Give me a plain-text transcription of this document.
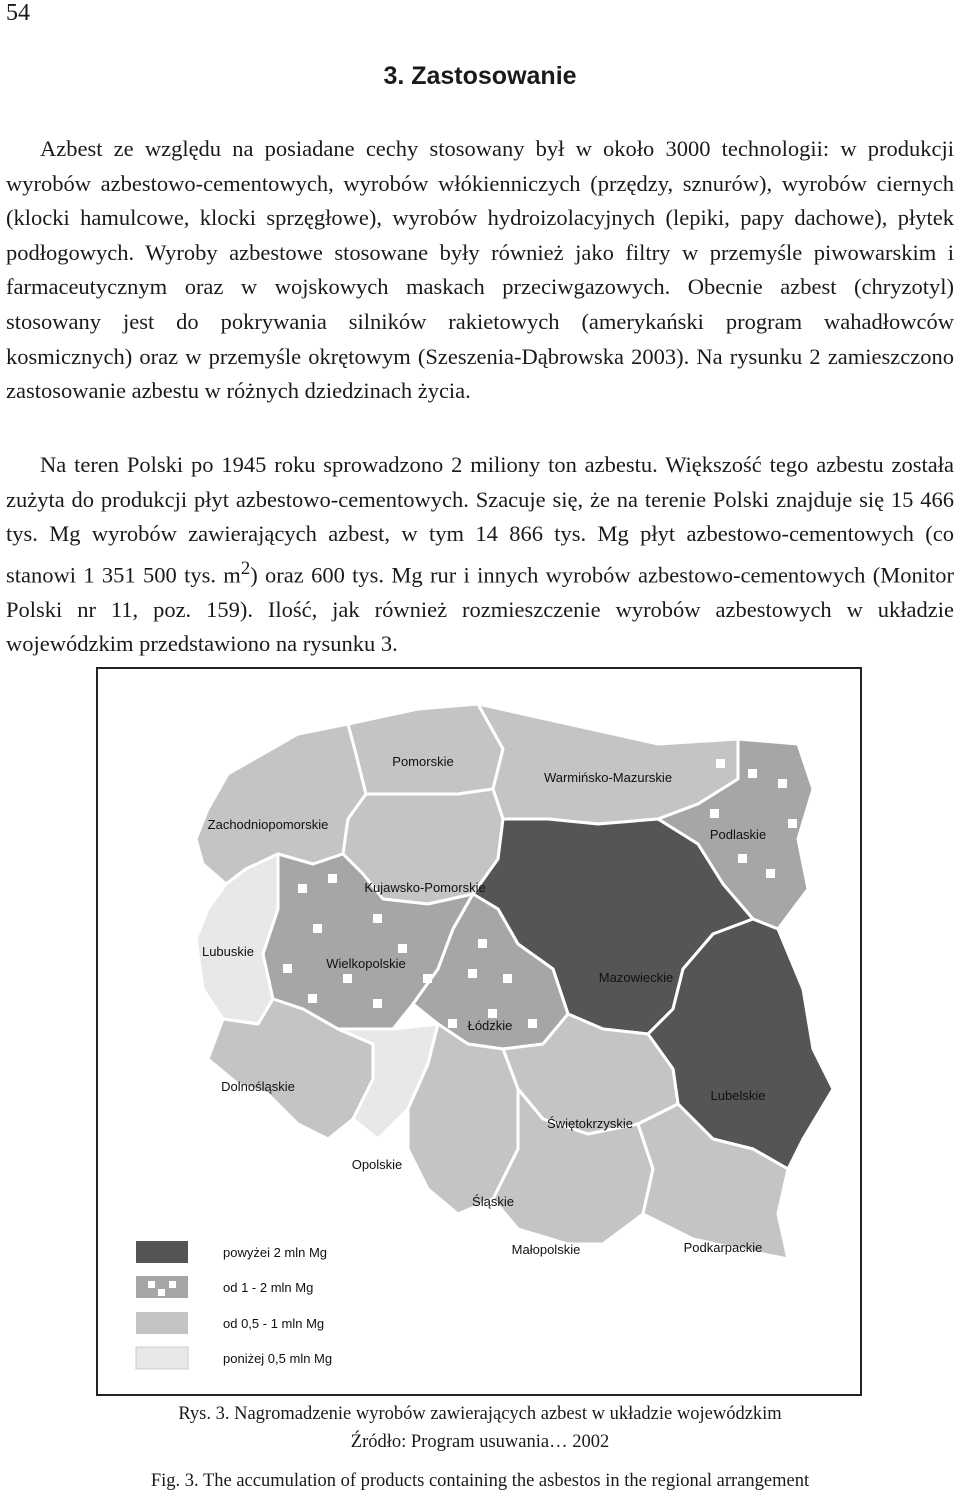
54
3. Zastosowanie

Azbest ze względu na posiadane cechy stosowany był w około 3000 technologii: w produkcji wyrobów azbestowo-cementowych, wyrobów włókienniczych (przędzy, sznurów), wyrobów ciernych (klocki hamulcowe, klocki sprzęgłowe), wyrobów hydroizolacyjnych (lepiki, papy dachowe), płytek podłogowych. Wyroby azbestowe stosowane były również jako filtry w przemyśle piwowarskim i farmaceutycznym oraz w wojskowych maskach przeciwgazowych. Obecnie azbest (chryzotyl) stosowany jest do pokrywania silników rakietowych (amerykański program wahadłowców kosmicznych) oraz w przemyśle okrętowym (Szeszenia-Dąbrowska 2003). Na rysunku 2 zamieszczono zastosowanie azbestu w różnych dziedzinach życia.

Na teren Polski po 1945 roku sprowadzono 2 miliony ton azbestu. Większość tego azbestu została zużyta do produkcji płyt azbestowo-cementowych. Szacuje się, że na terenie Polski znajduje się 15 466 tys. Mg wyrobów zawierających azbest, w tym 14 866 tys. Mg płyt azbestowo-cementowych (co stanowi 1 351 500 tys. $m^2$) oraz 600 tys. Mg rur i innych wyrobów azbestowo-cementowych (Monitor Polski nr 11, poz. 159). Ilość, jak również rozmieszczenie wyrobów azbestowych w układzie wojewódzkim przedstawiono na rysunku 3.

Pomorskie
Warmińsko-Mazurskie
Zachodniopomorskie
Podlaskie
Kujawsko-Pomorskie
Lubuskie
Wielkopolskie
Mazowieckie
Łódzkie
Lubelskie
Dolnośląskie
Świętokrzyskie
Opolskie
Śląskie
Małopolskie	Podkarpackie
powyżei 2 mln Mg
od 1 - 2 mln Mg
od 0,5 - 1 mln Mg
poniżej 0,5 mln Mg
Rys. 3. Nagromadzenie wyrobów zawierających azbest w układzie wojewódzkim
Źródło: Program usuwania… 2002
Fig. 3. The accumulation of products containing the asbestos in the regional arrangement
